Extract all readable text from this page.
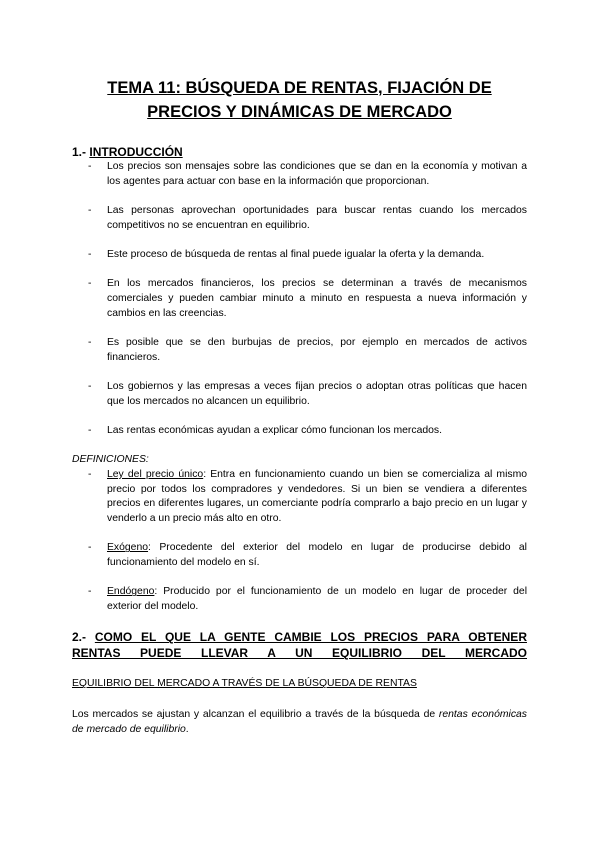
TEMA 11: BÚSQUEDA DE RENTAS, FIJACIÓN DE
PRECIOS Y DINÁMICAS DE MERCADO
1.- INTRODUCCIÓN
- Los precios son mensajes sobre las condiciones que se dan en la economía y motivan a los agentes para actuar con base en la información que proporcionan.
- Las personas aprovechan oportunidades para buscar rentas cuando los mercados competitivos no se encuentran en equilibrio.
- Este proceso de búsqueda de rentas al final puede igualar la oferta y la demanda.
- En los mercados financieros, los precios se determinan a través de mecanismos comerciales y pueden cambiar minuto a minuto en respuesta a nueva información y cambios en las creencias.
- Es posible que se den burbujas de precios, por ejemplo en mercados de activos financieros.
- Los gobiernos y las empresas a veces fijan precios o adoptan otras políticas que hacen que los mercados no alcancen un equilibrio.
- Las rentas económicas ayudan a explicar cómo funcionan los mercados.

DEFINICIONES:

- Ley del precio único: Entra en funcionamiento cuando un bien se comercializa al mismo precio por todos los compradores y vendedores. Si un bien se vendiera a diferentes precios en diferentes lugares, un comerciante podría comprarlo a bajo precio en un lugar y venderlo a un precio más alto en otro.
- Exógeno: Procedente del exterior del modelo en lugar de producirse debido al funcionamiento del modelo en sí.
- Endógeno: Producido por el funcionamiento de un modelo en lugar de proceder del exterior del modelo.
2.- COMO EL QUE LA GENTE CAMBIE LOS PRECIOS PARA OBTENER
RENTAS PUEDE LLEVAR A UN EQUILIBRIO DEL MERCADO

EQUILIBRIO DEL MERCADO A TRAVÉS DE LA BÚSQUEDA DE RENTAS

Los mercados se ajustan y alcanzan el equilibrio a través de la búsqueda de rentas económicas de mercado de equilibrio.
